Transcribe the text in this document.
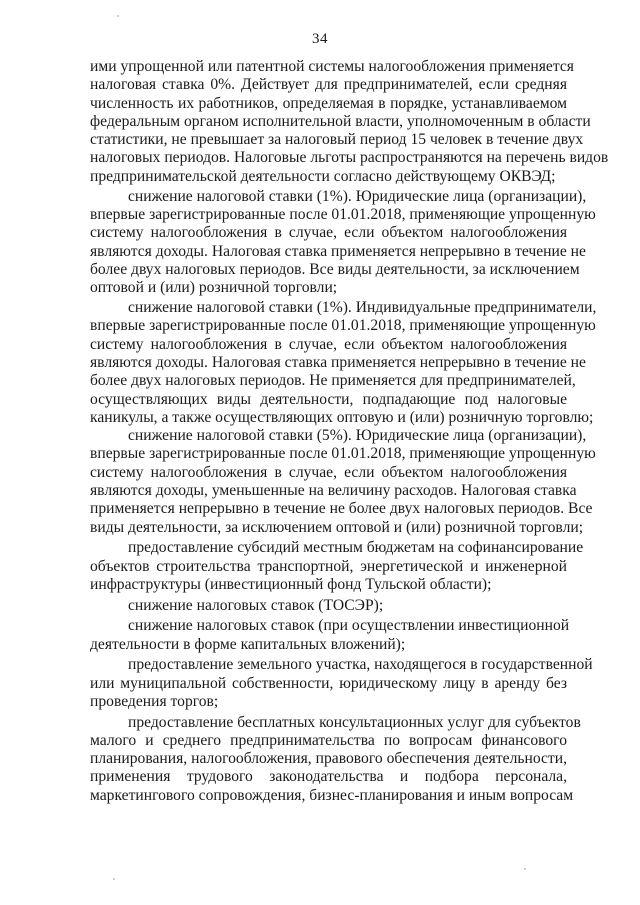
34

ими упрощенной или патентной системы налогообложения применяется
налоговая ставка 0%. Действует для предпринимателей, если средняя
численность их работников, определяемая в порядке, устанавливаемом
федеральным органом исполнительной власти, уполномоченным в области
статистики, не превышает за налоговый период 15 человек в течение двух
налоговых периодов. Налоговые льготы распространяются на перечень видов
предпринимательской деятельности согласно действующему ОКВЭД;

снижение налоговой ставки (1%). Юридические лица (организации),
впервые зарегистрированные после 01.01.2018, применяющие упрощенную
систему налогообложения в случае, если объектом налогообложения
являются доходы. Налоговая ставка применяется непрерывно в течение не
более двух налоговых периодов. Все виды деятельности, за исключением
оптовой и (или) розничной торговли;

снижение налоговой ставки (1%). Индивидуальные предприниматели,
впервые зарегистрированные после 01.01.2018, применяющие упрощенную
систему налогообложения в случае, если объектом налогообложения
являются доходы. Налоговая ставка применяется непрерывно в течение не
более двух налоговых периодов. Не применяется для предпринимателей,
осуществляющих виды деятельности, подпадающие под налоговые
каникулы, а также осуществляющих оптовую и (или) розничную торговлю;

снижение налоговой ставки (5%). Юридические лица (организации),
впервые зарегистрированные после 01.01.2018, применяющие упрощенную
систему налогообложения в случае, если объектом налогообложения
являются доходы, уменьшенные на величину расходов. Налоговая ставка
применяется непрерывно в течение не более двух налоговых периодов. Все
виды деятельности, за исключением оптовой и (или) розничной торговли;

предоставление субсидий местным бюджетам на софинансирование
объектов строительства транспортной, энергетической и инженерной
инфраструктуры (инвестиционный фонд Тульской области);

снижение налоговых ставок (ТОСЭР);

снижение налоговых ставок (при осуществлении инвестиционной
деятельности в форме капитальных вложений);

предоставление земельного участка, находящегося в государственной
или муниципальной собственности, юридическому лицу в аренду без
проведения торгов;

предоставление бесплатных консультационных услуг для субъектов
малого и среднего предпринимательства по вопросам финансового
планирования, налогообложения, правового обеспечения деятельности,
применения трудового законодательства и подбора персонала,
маркетингового сопровождения, бизнес-планирования и иным вопросам
